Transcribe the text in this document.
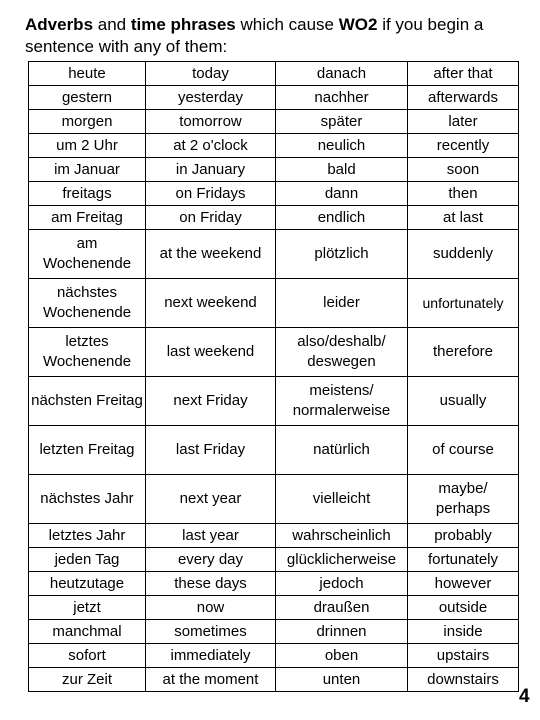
Adverbs and time phrases which cause WO2 if you begin a sentence with any of them:
heute	today	danach	after that
gestern	yesterday	nachher	afterwards
morgen	tomorrow	später	later
um 2 Uhr	at 2 o'clock	neulich	recently
im Januar	in January	bald	soon
freitags	on Fridays	dann	then
am Freitag	on Friday	endlich	at last
am Wochenende	at the weekend	plötzlich	suddenly
nächstes Wochenende	next weekend	leider	unfortunately
letztes Wochenende	last weekend	also/deshalb/ deswegen	therefore
nächsten Freitag	next Friday	meistens/ normalerweise	usually
letzten Freitag	last Friday	natürlich	of course
nächstes Jahr	next year	vielleicht	maybe/ perhaps
letztes Jahr	last year	wahrscheinlich	probably
jeden Tag	every day	glücklicherweise	fortunately
heutzutage	these days	jedoch	however
jetzt	now	draußen	outside
manchmal	sometimes	drinnen	inside
sofort	immediately	oben	upstairs
zur Zeit	at the moment	unten	downstairs
4
